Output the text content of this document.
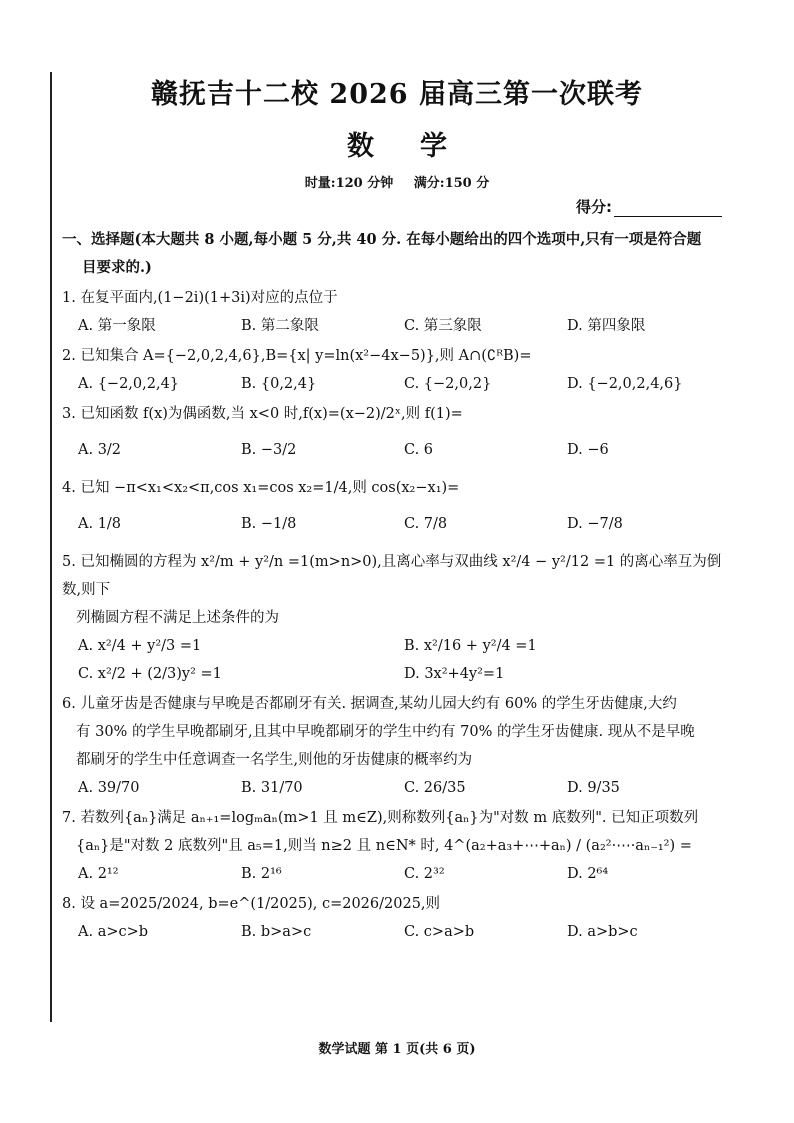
赣抚吉十二校 2026 届高三第一次联考
数学
时量:120 分钟 满分:150 分
得分:
一、选择题(本大题共 8 小题,每小题 5 分,共 40 分. 在每小题给出的四个选项中,只有一项是符合题
目要求的.)
1. 在复平面内,(1−2i)(1+3i)对应的点位于
A. 第一象限	B. 第二象限	C. 第三象限	D. 第四象限
2. 已知集合 A={−2,0,2,4,6},B={x| y=ln(x²−4x−5)},则 A∩(∁ᴿB)=
A. {−2,0,2,4}	B. {0,2,4}	C. {−2,0,2}	D. {−2,0,2,4,6}
3. 已知函数 f(x)为偶函数,当 x<0 时,f(x)=(x−2)/2ˣ,则 f(1)=
A. 3/2	B. −3/2	C. 6	D. −6
4. 已知 −π<x₁<x₂<π,cos x₁=cos x₂=1/4,则 cos(x₂−x₁)=
A. 1/8	B. −1/8	C. 7/8	D. −7/8
5. 已知椭圆的方程为 x²/m + y²/n =1(m>n>0),且离心率与双曲线 x²/4 − y²/12 =1 的离心率互为倒数,则下
列椭圆方程不满足上述条件的为
A. x²/4 + y²/3 =1	B. x²/16 + y²/4 =1
C. x²/2 + (2/3)y² =1	D. 3x²+4y²=1
6. 儿童牙齿是否健康与早晚是否都刷牙有关. 据调查,某幼儿园大约有 60% 的学生牙齿健康,大约
有 30% 的学生早晚都刷牙,且其中早晚都刷牙的学生中约有 70% 的学生牙齿健康. 现从不是早晚
都刷牙的学生中任意调查一名学生,则他的牙齿健康的概率约为
A. 39/70	B. 31/70	C. 26/35	D. 9/35
7. 若数列{aₙ}满足 aₙ₊₁=logₘaₙ(m>1 且 m∈Z),则称数列{aₙ}为"对数 m 底数列". 已知正项数列
{aₙ}是"对数 2 底数列"且 a₅=1,则当 n≥2 且 n∈N* 时, 4^(a₂+a₃+⋯+aₙ) / (a₂²·⋯·aₙ₋₁²) =
A. 2¹²	B. 2¹⁶	C. 2³²	D. 2⁶⁴
8. 设 a=2025/2024, b=e^(1/2025), c=2026/2025,则
A. a>c>b	B. b>a>c	C. c>a>b	D. a>b>c
数学试题 第 1 页(共 6 页)
